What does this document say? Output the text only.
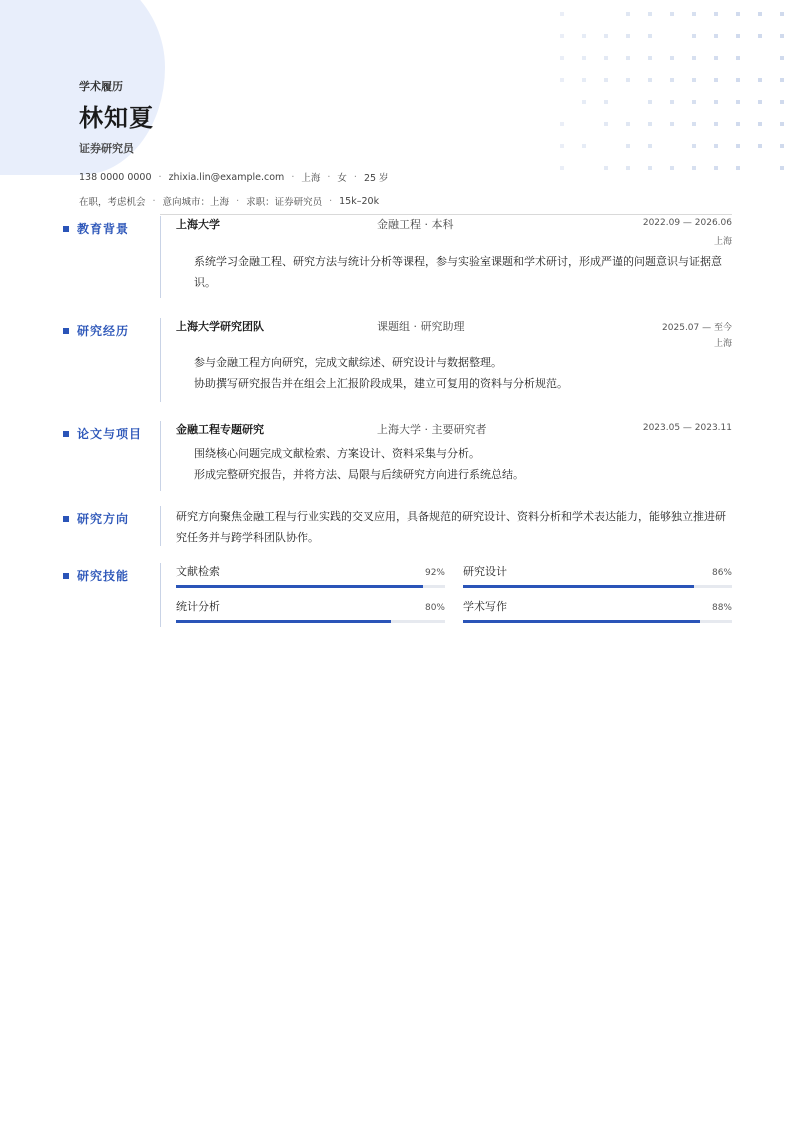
学术履历
林知夏
证券研究员
138 0000 0000 · zhixia.lin@example.com · 上海 · 女 · 25 岁
在职，考虑机会 · 意向城市：上海 · 求职：证券研究员 · 15k–20k
教育背景	上海大学	金融工程 · 本科	2022.09 — 2026.06
上海
系统学习金融工程、研究方法与统计分析等课程，参与实验室课题和学术研讨，形成严谨的问题意识与证据意识。
研究经历	上海大学研究团队	课题组 · 研究助理	2025.07 — 至今
上海
参与金融工程方向研究，完成文献综述、研究设计与数据整理。
协助撰写研究报告并在组会上汇报阶段成果，建立可复用的资料与分析规范。
论文与项目	金融工程专题研究	上海大学 · 主要研究者	2023.05 — 2023.11
围绕核心问题完成文献检索、方案设计、资料采集与分析。
形成完整研究报告，并将方法、局限与后续研究方向进行系统总结。
研究方向	研究方向聚焦金融工程与行业实践的交叉应用，具备规范的研究设计、资料分析和学术表达能力，能够独立推进研究任务并与跨学科团队协作。
研究技能	文献检索	92% 研究设计	86%
统计分析	80% 学术写作	88%
